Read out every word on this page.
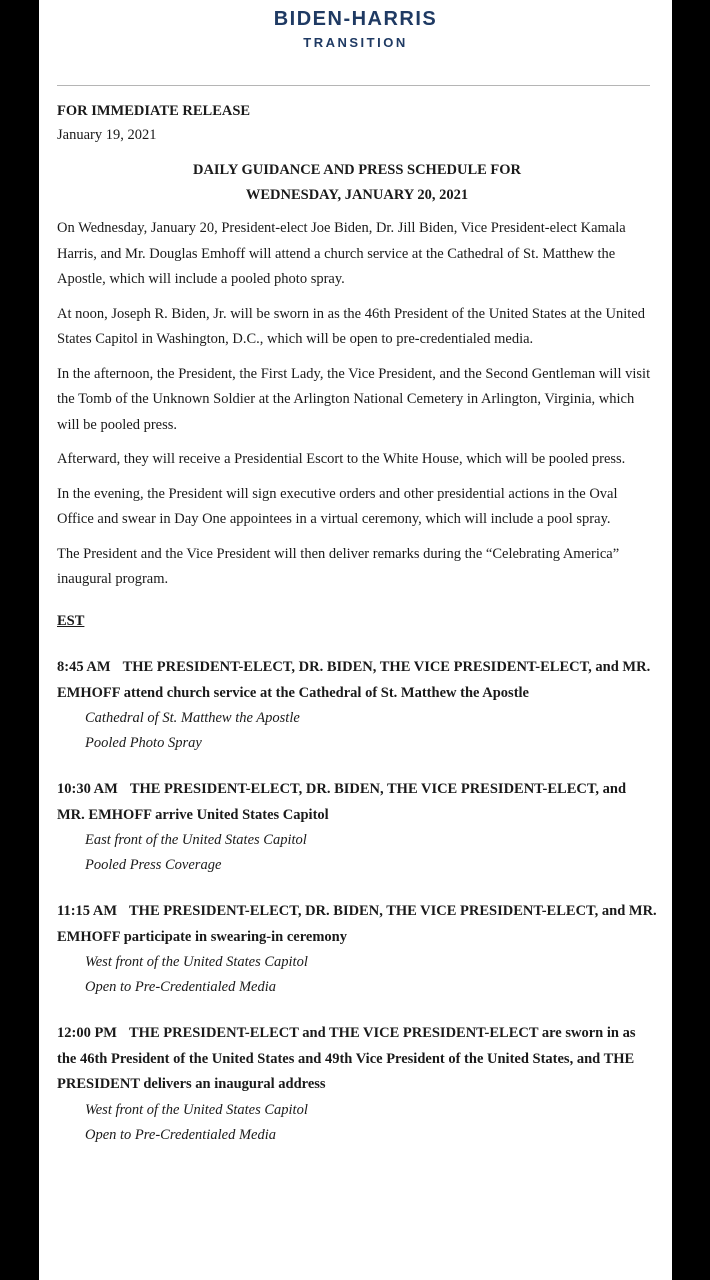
BIDEN-HARRIS
TRANSITION
FOR IMMEDIATE RELEASE
January 19, 2021
DAILY GUIDANCE AND PRESS SCHEDULE FOR
WEDNESDAY, JANUARY 20, 2021

On Wednesday, January 20, President-elect Joe Biden, Dr. Jill Biden, Vice President-elect Kamala Harris, and Mr. Douglas Emhoff will attend a church service at the Cathedral of St. Matthew the Apostle, which will include a pooled photo spray.

At noon, Joseph R. Biden, Jr. will be sworn in as the 46th President of the United States at the United States Capitol in Washington, D.C., which will be open to pre-credentialed media.

In the afternoon, the President, the First Lady, the Vice President, and the Second Gentleman will visit the Tomb of the Unknown Soldier at the Arlington National Cemetery in Arlington, Virginia, which will be pooled press.

Afterward, they will receive a Presidential Escort to the White House, which will be pooled press.

In the evening, the President will sign executive orders and other presidential actions in the Oval Office and swear in Day One appointees in a virtual ceremony, which will include a pool spray.

The President and the Vice President will then deliver remarks during the “Celebrating America” inaugural program.

EST
8:45 AM THE PRESIDENT-ELECT, DR. BIDEN, THE VICE PRESIDENT-ELECT, and MR. EMHOFF attend church service at the Cathedral of St. Matthew the Apostle
Cathedral of St. Matthew the Apostle
Pooled Photo Spray
10:30 AM THE PRESIDENT-ELECT, DR. BIDEN, THE VICE PRESIDENT-ELECT, and MR. EMHOFF arrive United States Capitol
East front of the United States Capitol
Pooled Press Coverage
11:15 AM THE PRESIDENT-ELECT, DR. BIDEN, THE VICE PRESIDENT-ELECT, and MR. EMHOFF participate in swearing-in ceremony
West front of the United States Capitol
Open to Pre-Credentialed Media
12:00 PM THE PRESIDENT-ELECT and THE VICE PRESIDENT-ELECT are sworn in as the 46th President of the United States and 49th Vice President of the United States, and THE PRESIDENT delivers an inaugural address
West front of the United States Capitol
Open to Pre-Credentialed Media
